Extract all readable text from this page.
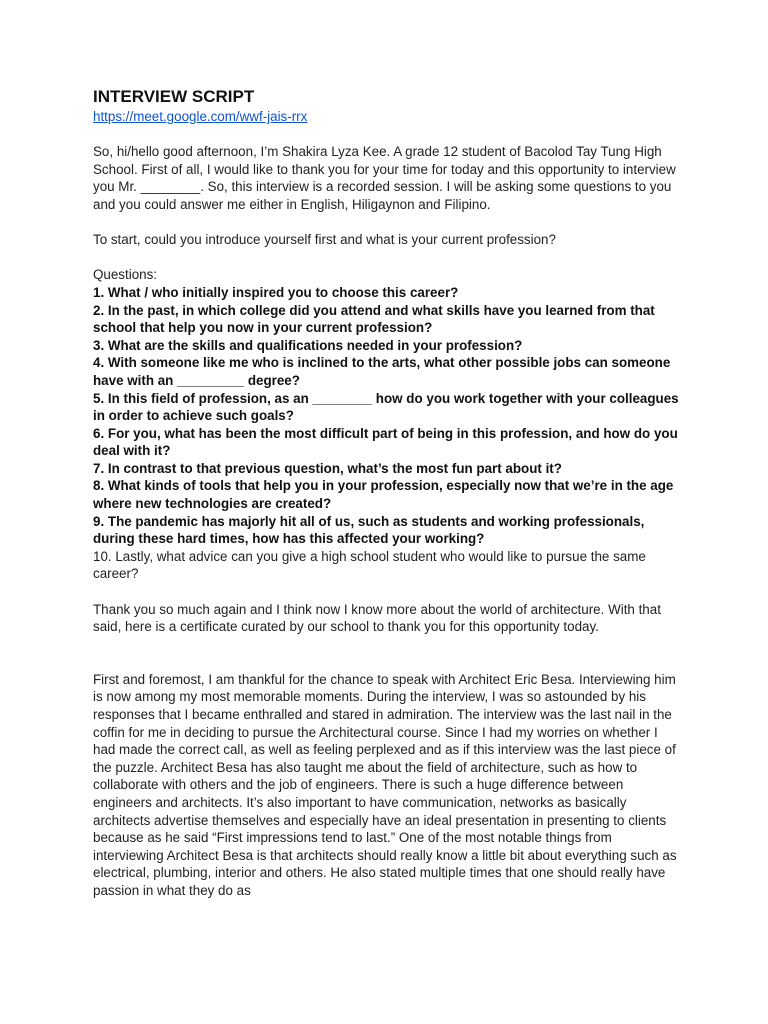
INTERVIEW SCRIPT
https://meet.google.com/wwf-jais-rrx

So, hi/hello good afternoon, I’m Shakira Lyza Kee. A grade 12 student of Bacolod Tay Tung High School. First of all, I would like to thank you for your time for today and this opportunity to interview you Mr. ________. So, this interview is a recorded session. I will be asking some questions to you and you could answer me either in English, Hiligaynon and Filipino.

To start, could you introduce yourself first and what is your current profession?

Questions:

1. What / who initially inspired you to choose this career?

2. In the past, in which college did you attend and what skills have you learned from that school that help you now in your current profession?

3. What are the skills and qualifications needed in your profession?

4. With someone like me who is inclined to the arts, what other possible jobs can someone have with an _________ degree?

5. In this field of profession, as an ________ how do you work together with your colleagues in order to achieve such goals?

6. For you, what has been the most difficult part of being in this profession, and how do you deal with it?

7. In contrast to that previous question, what’s the most fun part about it?

8. What kinds of tools that help you in your profession, especially now that we’re in the age where new technologies are created?

9. The pandemic has majorly hit all of us, such as students and working professionals, during these hard times, how has this affected your working?

10. Lastly, what advice can you give a high school student who would like to pursue the same career?

Thank you so much again and I think now I know more about the world of architecture. With that said, here is a certificate curated by our school to thank you for this opportunity today.

First and foremost, I am thankful for the chance to speak with Architect Eric Besa. Interviewing him is now among my most memorable moments. During the interview, I was so astounded by his responses that I became enthralled and stared in admiration. The interview was the last nail in the coffin for me in deciding to pursue the Architectural course. Since I had my worries on whether I had made the correct call, as well as feeling perplexed and as if this interview was the last piece of the puzzle. Architect Besa has also taught me about the field of architecture, such as how to collaborate with others and the job of engineers. There is such a huge difference between engineers and architects. It’s also important to have communication, networks as basically architects advertise themselves and especially have an ideal presentation in presenting to clients because as he said “First impressions tend to last.” One of the most notable things from interviewing Architect Besa is that architects should really know a little bit about everything such as electrical, plumbing, interior and others. He also stated multiple times that one should really have passion in what they do as
